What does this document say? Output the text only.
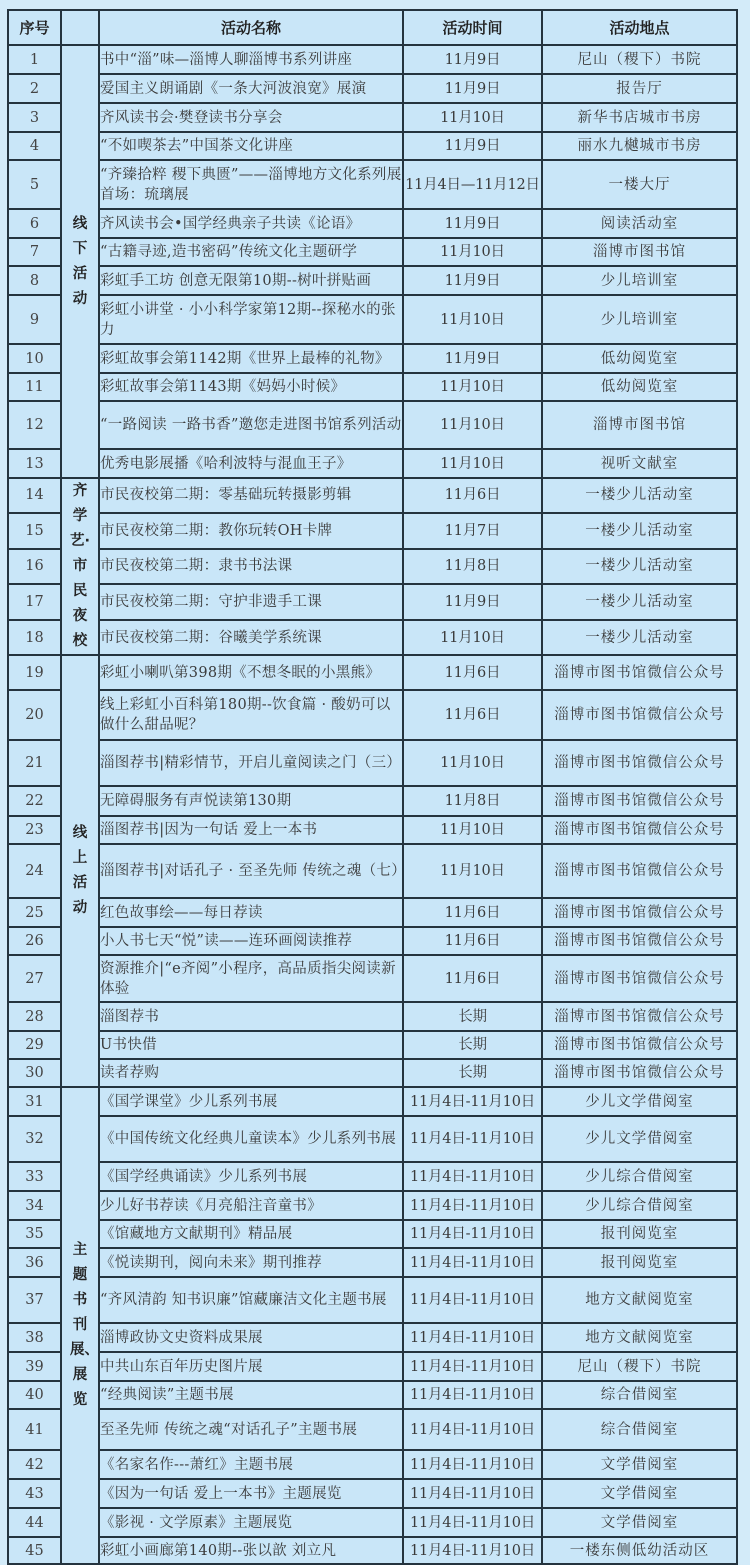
序号		活动名称	活动时间	活动地点
1	线下活动	书中“淄”味—淄博人聊淄博书系列讲座	11月9日	尼山（稷下）书院
2		爱国主义朗诵剧《一条大河波浪宽》展演	11月9日	报告厅
3		齐风读书会·樊登读书分享会	11月10日	新华书店城市书房
4		“不如喫茶去”中国茶文化讲座	11月9日	丽水九樾城市书房
5		“齐臻拾粹 稷下典匮”——淄博地方文化系列展首场：琉璃展	11月4日—11月12日	一楼大厅
6		齐风读书会•国学经典亲子共读《论语》	11月9日	阅读活动室
7		“古籍寻迹,造书密码”传统文化主题研学	11月10日	淄博市图书馆
8		彩虹手工坊 创意无限第10期--树叶拼贴画	11月9日	少儿培训室
9		彩虹小讲堂 · 小小科学家第12期--探秘水的张力	11月10日	少儿培训室
10		彩虹故事会第1142期《世界上最棒的礼物》	11月9日	低幼阅览室
11		彩虹故事会第1143期《妈妈小时候》	11月10日	低幼阅览室
12		“一路阅读 一路书香”邀您走进图书馆系列活动	11月10日	淄博市图书馆
13		优秀电影展播《哈利波特与混血王子》	11月10日	视听文献室
14	齐学艺·市民夜校	市民夜校第二期：零基础玩转摄影剪辑	11月6日	一楼少儿活动室
15		市民夜校第二期：教你玩转OH卡牌	11月7日	一楼少儿活动室
16		市民夜校第二期：隶书书法课	11月8日	一楼少儿活动室
17		市民夜校第二期：守护非遗手工课	11月9日	一楼少儿活动室
18		市民夜校第二期：谷曦美学系统课	11月10日	一楼少儿活动室
19	线上活动	彩虹小喇叭第398期《不想冬眠的小黑熊》	11月6日	淄博市图书馆微信公众号
20		线上彩虹小百科第180期--饮食篇 · 酸奶可以做什么甜品呢？	11月6日	淄博市图书馆微信公众号
21		淄图荐书|精彩情节，开启儿童阅读之门（三）	11月10日	淄博市图书馆微信公众号
22		无障碍服务有声悦读第130期	11月8日	淄博市图书馆微信公众号
23		淄图荐书|因为一句话 爱上一本书	11月10日	淄博市图书馆微信公众号
24		淄图荐书|对话孔子 · 至圣先师 传统之魂（七）	11月10日	淄博市图书馆微信公众号
25		红色故事绘——每日荐读	11月6日	淄博市图书馆微信公众号
26		小人书七天“悦”读——连环画阅读推荐	11月6日	淄博市图书馆微信公众号
27		资源推介|“e齐阅”小程序，高品质指尖阅读新体验	11月6日	淄博市图书馆微信公众号
28		淄图荐书	长期	淄博市图书馆微信公众号
29		U书快借	长期	淄博市图书馆微信公众号
30		读者荐购	长期	淄博市图书馆微信公众号
31	主题书刊展、展览	《国学课堂》少儿系列书展	11月4日-11月10日	少儿文学借阅室
32		《中国传统文化经典儿童读本》少儿系列书展	11月4日-11月10日	少儿文学借阅室
33		《国学经典诵读》少儿系列书展	11月4日-11月10日	少儿综合借阅室
34		少儿好书荐读《月亮船注音童书》	11月4日-11月10日	少儿综合借阅室
35		《馆藏地方文献期刊》精品展	11月4日-11月10日	报刊阅览室
36		《悦读期刊，阅向未来》期刊推荐	11月4日-11月10日	报刊阅览室
37		“齐风清韵 知书识廉”馆藏廉洁文化主题书展	11月4日-11月10日	地方文献阅览室
38		淄博政协文史资料成果展	11月4日-11月10日	地方文献阅览室
39		中共山东百年历史图片展	11月4日-11月10日	尼山（稷下）书院
40		“经典阅读”主题书展	11月4日-11月10日	综合借阅室
41		至圣先师 传统之魂“对话孔子”主题书展	11月4日-11月10日	综合借阅室
42		《名家名作---萧红》主题书展	11月4日-11月10日	文学借阅室
43		《因为一句话 爱上一本书》主题展览	11月4日-11月10日	文学借阅室
44		《影视 · 文学原素》主题展览	11月4日-11月10日	文学借阅室
45		彩虹小画廊第140期--张以歆 刘立凡	11月4日-11月10日	一楼东侧低幼活动区
